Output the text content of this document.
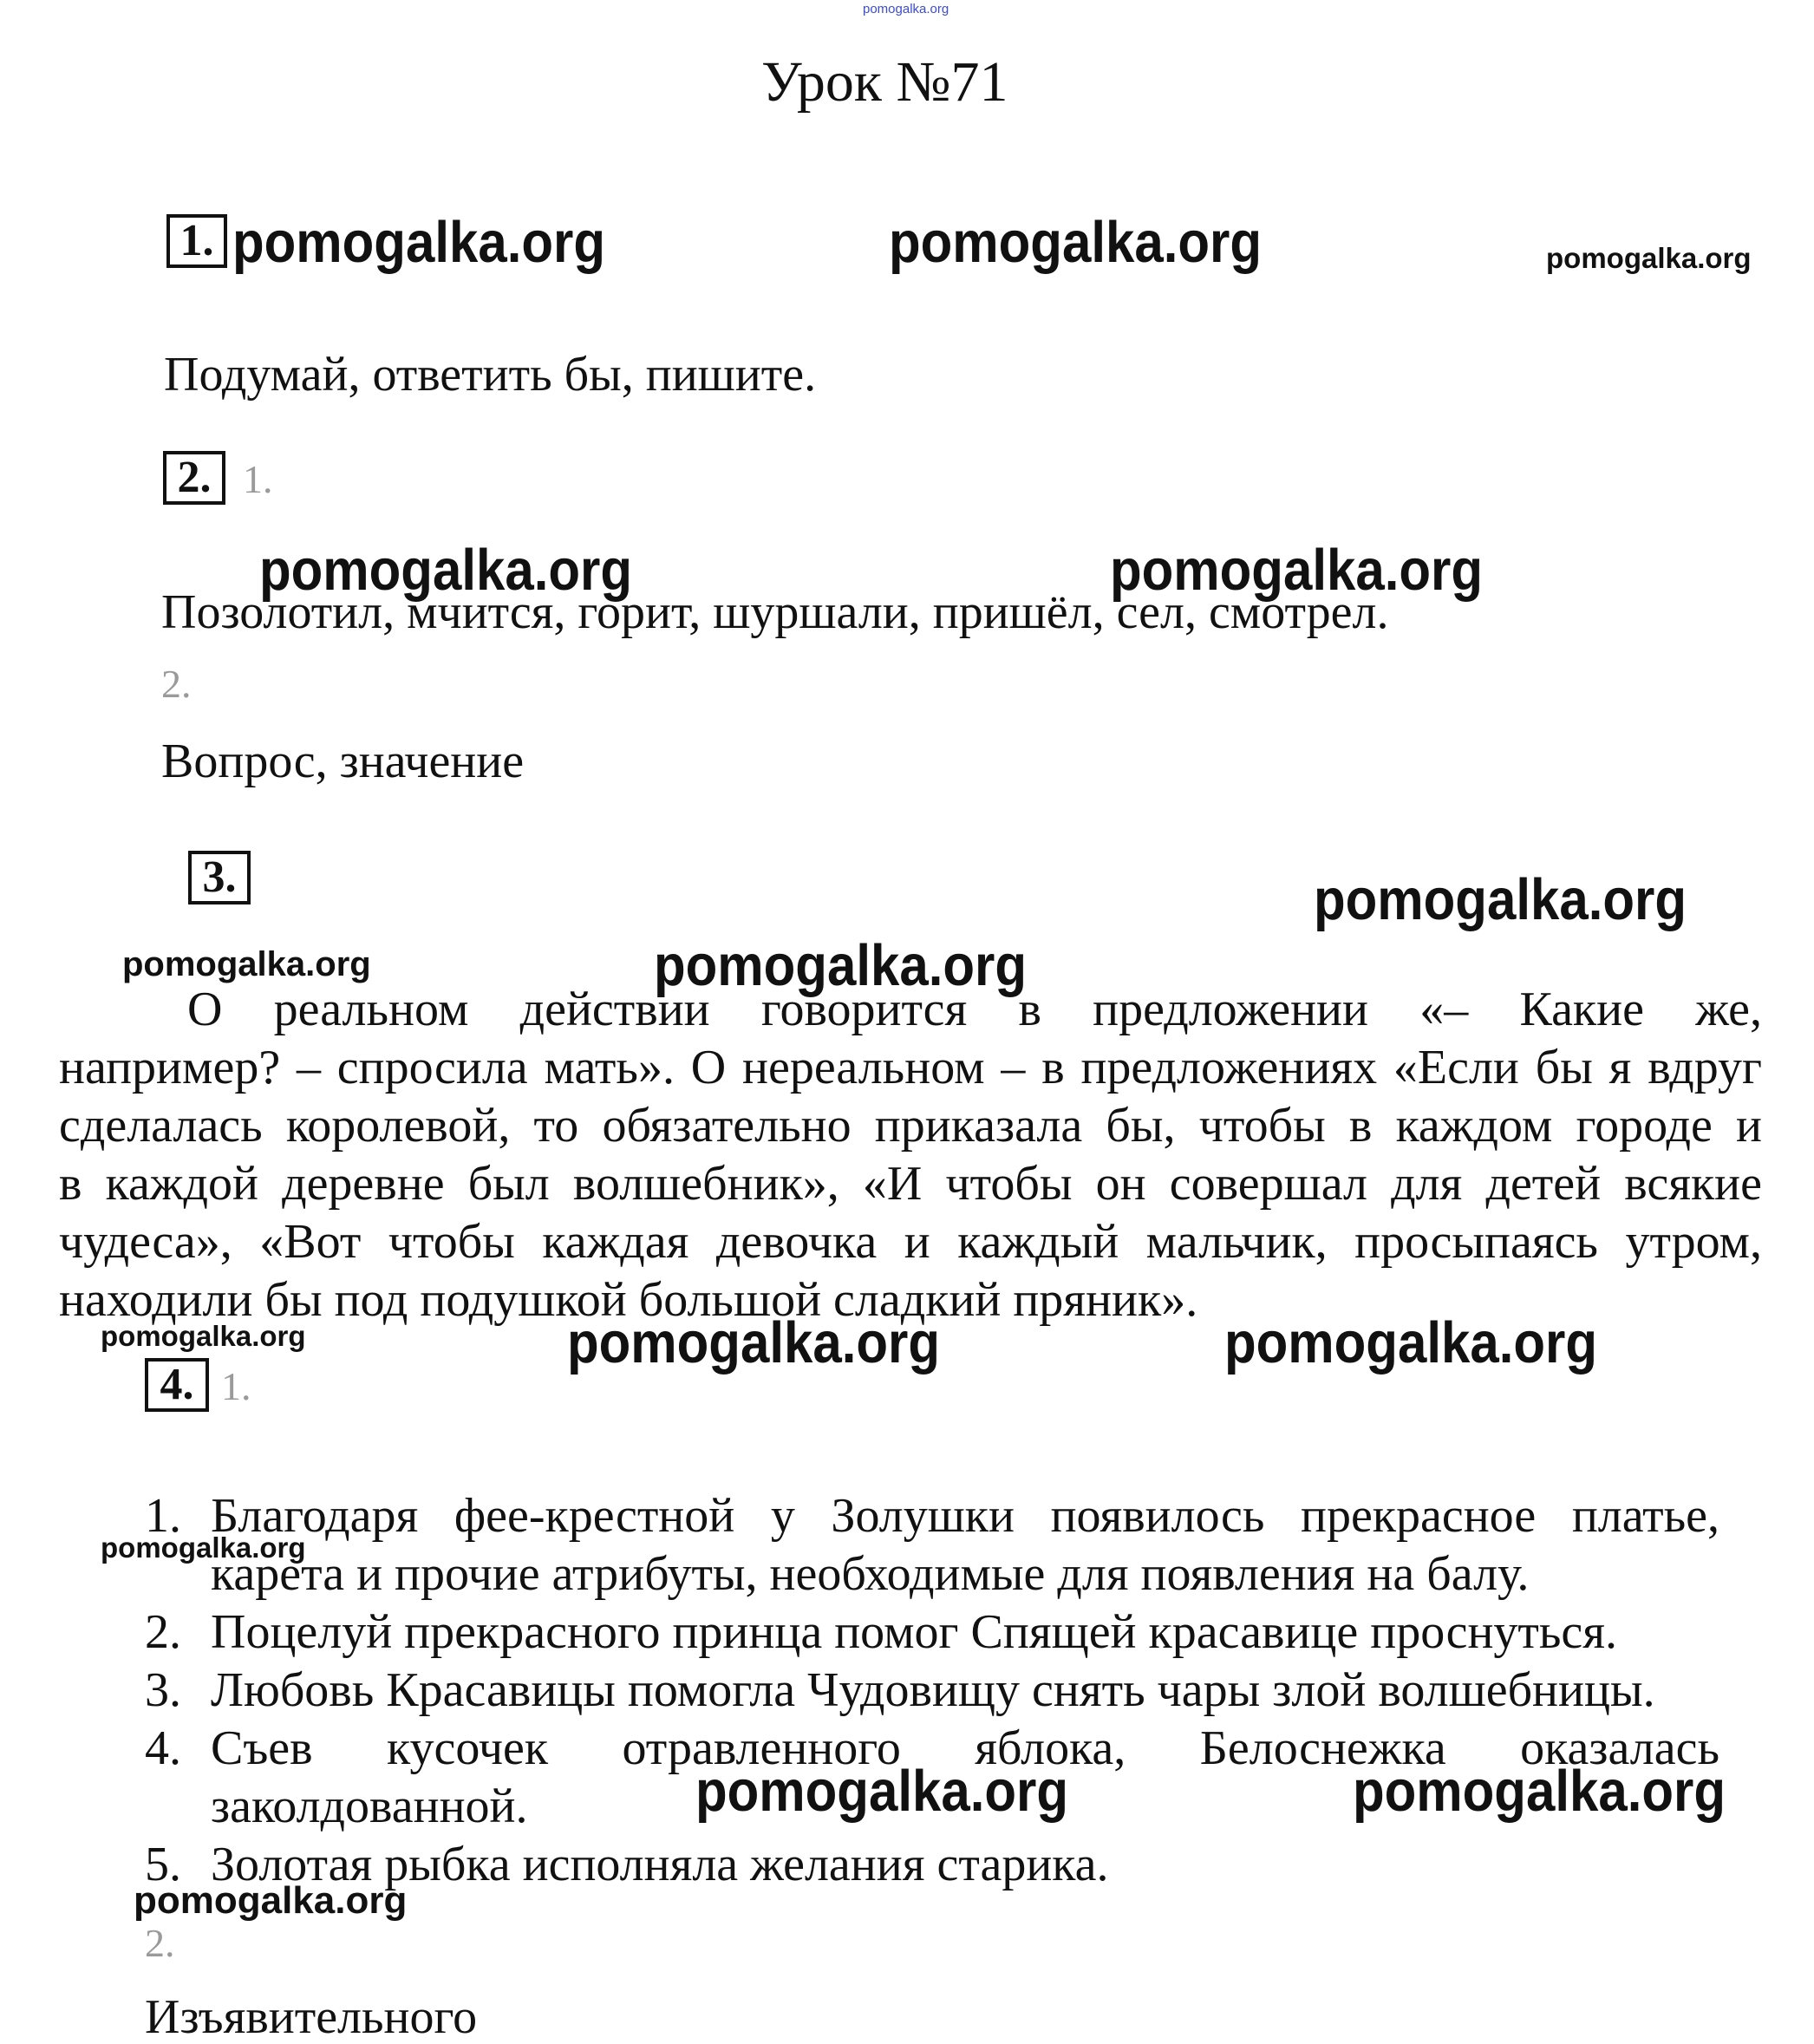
pomogalka.org
Урок №71
1. pomogalka.org	pomogalka.org	pomogalka.org
Подумай, ответить бы, пишите.
2. 1.
pomogalka.org	pomogalka.org
Позолотил, мчится, горит, шуршали, пришёл, сел, смотрел.
2.
Вопрос, значение
3.	pomogalka.org
pomogalka.org	pomogalka.org
О реальном действии говорится в предложении «– Какие же,
например? – спросила мать». О нереальном – в предложениях «Если бы я вдруг
сделалась королевой, то обязательно приказала бы, чтобы в каждом городе и
в каждой деревне был волшебник», «И чтобы он совершал для детей всякие
чудеса», «Вот чтобы каждая девочка и каждый мальчик, просыпаясь утром,
находили бы под подушкой большой сладкий пряник».
pomogalka.org	pomogalka.org	pomogalka.org
4. 1.
1. Благодаря фее-крестной у Золушки появилось прекрасное платье,
pomogalka.org
карета и прочие атрибуты, необходимые для появления на балу.
2. Поцелуй прекрасного принца помог Спящей красавице проснуться.
3. Любовь Красавицы помогла Чудовищу снять чары злой волшебницы.
4. Съев кусочек отравленного яблока, Белоснежка оказалась
заколдованной.	pomogalka.org	pomogalka.org
5. Золотая рыбка исполняла желания старика.
pomogalka.org
2.
Изъявительного
